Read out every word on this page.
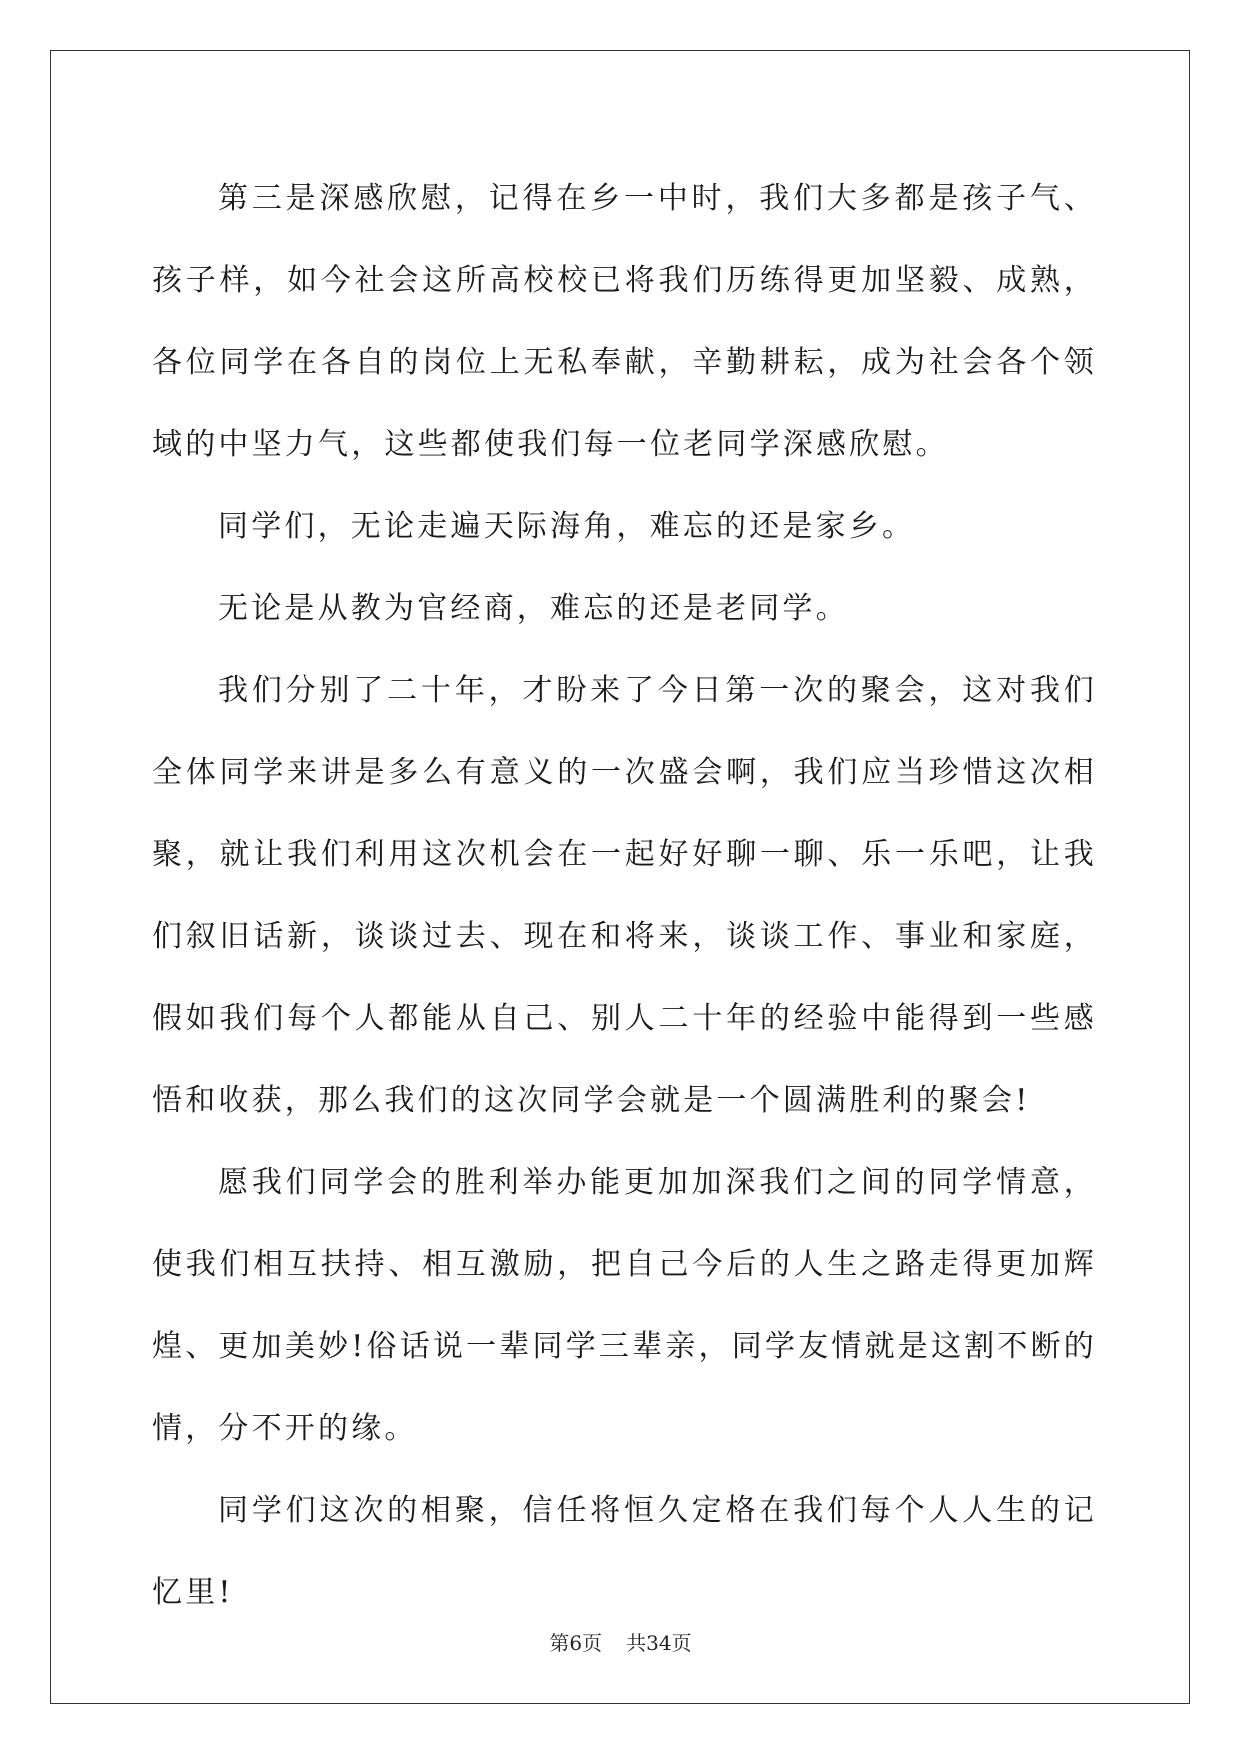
第三是深感欣慰，记得在乡一中时，我们大多都是孩子气、孩子样，如今社会这所高校校已将我们历练得更加坚毅、成熟，各位同学在各自的岗位上无私奉献，辛勤耕耘，成为社会各个领域的中坚力气，这些都使我们每一位老同学深感欣慰。

同学们，无论走遍天际海角，难忘的还是家乡。

无论是从教为官经商，难忘的还是老同学。

我们分别了二十年，才盼来了今日第一次的聚会，这对我们全体同学来讲是多么有意义的一次盛会啊，我们应当珍惜这次相聚，就让我们利用这次机会在一起好好聊一聊、乐一乐吧，让我们叙旧话新，谈谈过去、现在和将来，谈谈工作、事业和家庭，假如我们每个人都能从自己、别人二十年的经验中能得到一些感悟和收获，那么我们的这次同学会就是一个圆满胜利的聚会!

愿我们同学会的胜利举办能更加加深我们之间的同学情意，使我们相互扶持、相互激励，把自己今后的人生之路走得更加辉煌、更加美妙!俗话说一辈同学三辈亲，同学友情就是这割不断的情，分不开的缘。

同学们这次的相聚，信任将恒久定格在我们每个人人生的记忆里!

第6页 共34页
